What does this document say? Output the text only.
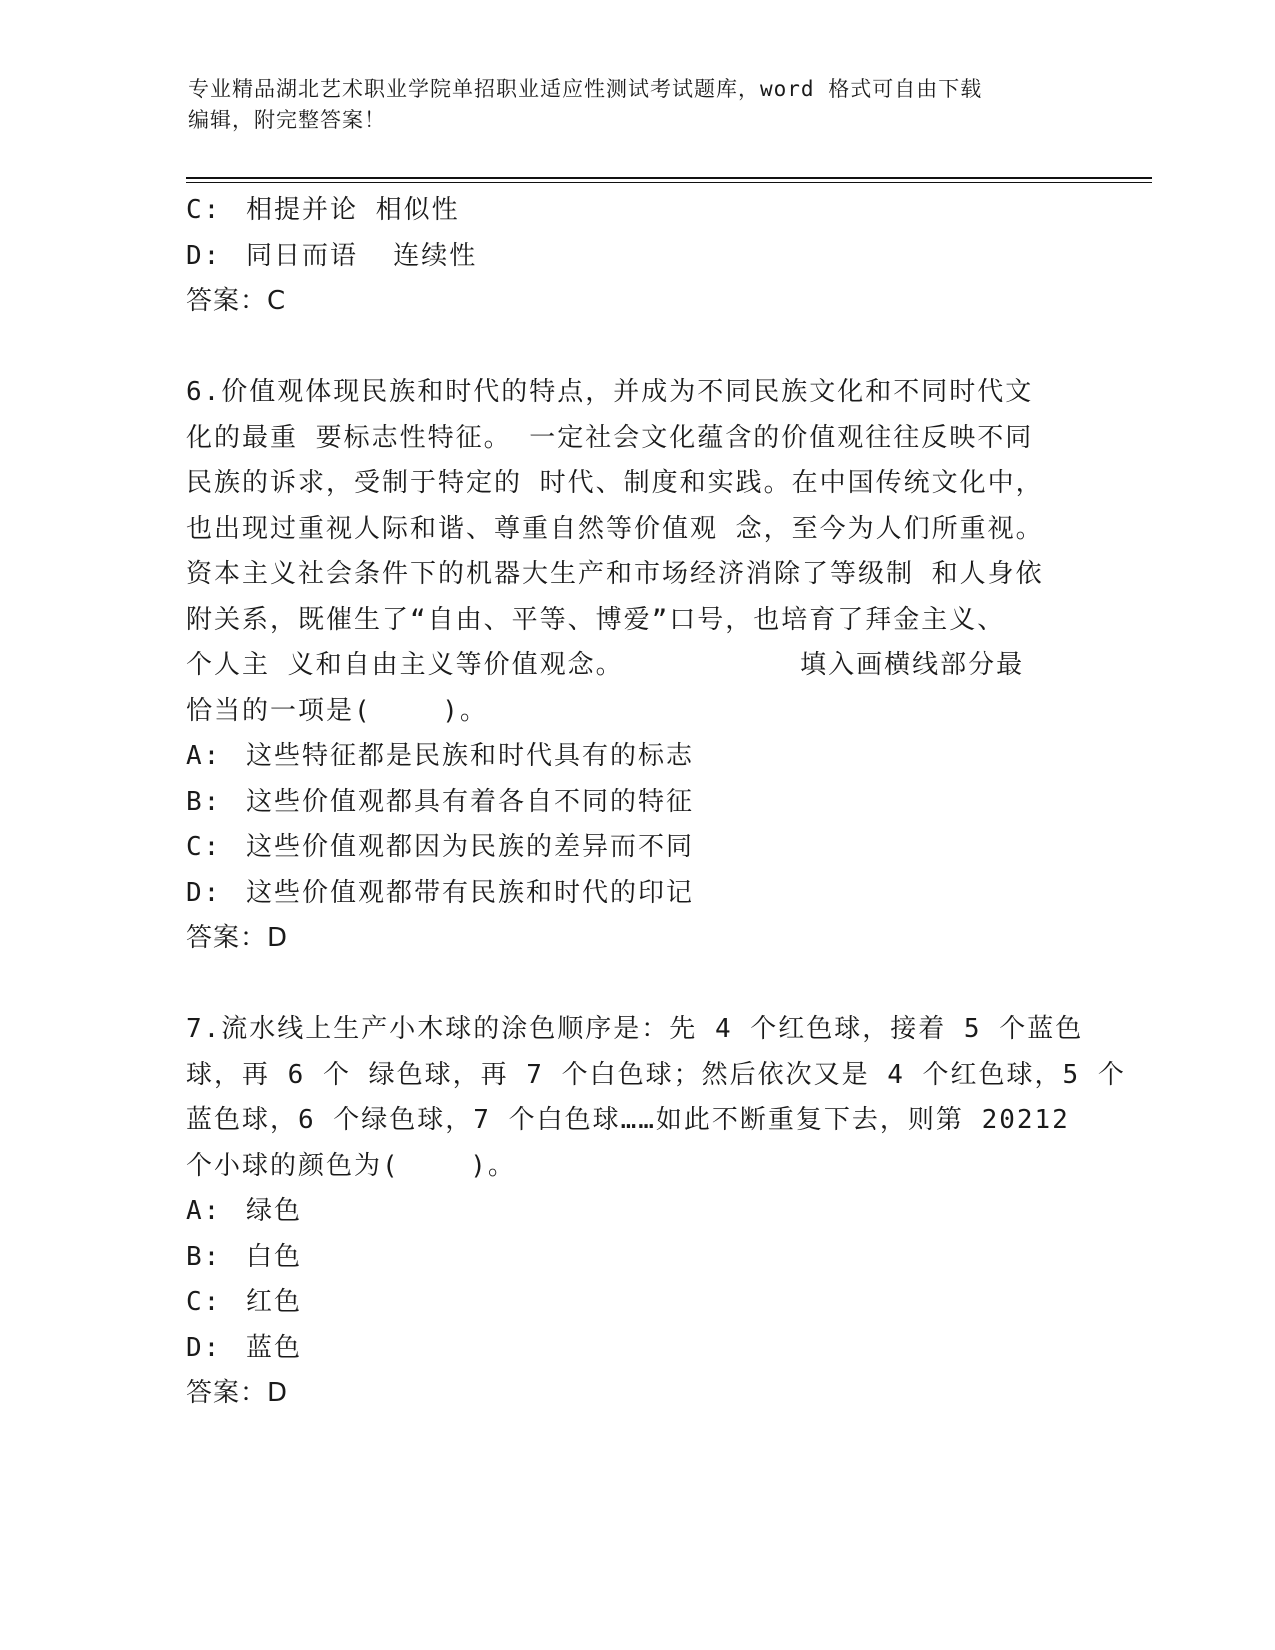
专业精品湖北艺术职业学院单招职业适应性测试考试题库，word 格式可自由下载
编辑，附完整答案！
C: 相提并论 相似性
D: 同日而语  连续性
答案：C
6.价值观体现民族和时代的特点，并成为不同民族文化和不同时代文
化的最重 要标志性特征。 一定社会文化蕴含的价值观往往反映不同
民族的诉求，受制于特定的 时代、制度和实践。在中国传统文化中，
也出现过重视人际和谐、尊重自然等价值观 念，至今为人们所重视。
资本主义社会条件下的机器大生产和市场经济消除了等级制 和人身依
附关系，既催生了“自由、平等、博爱”口号，也培育了拜金主义、
个人主 义和自由主义等价值观念。          填入画横线部分最
恰当的一项是(    )。
A: 这些特征都是民族和时代具有的标志
B: 这些价值观都具有着各自不同的特征
C: 这些价值观都因为民族的差异而不同
D: 这些价值观都带有民族和时代的印记
答案：D
7.流水线上生产小木球的涂色顺序是：先 4 个红色球，接着 5 个蓝色
球，再 6 个 绿色球，再 7 个白色球；然后依次又是 4 个红色球，5 个
蓝色球，6 个绿色球，7 个白色球……如此不断重复下去，则第 20212
个小球的颜色为(    )。
A: 绿色
B: 白色
C: 红色
D: 蓝色
答案：D
